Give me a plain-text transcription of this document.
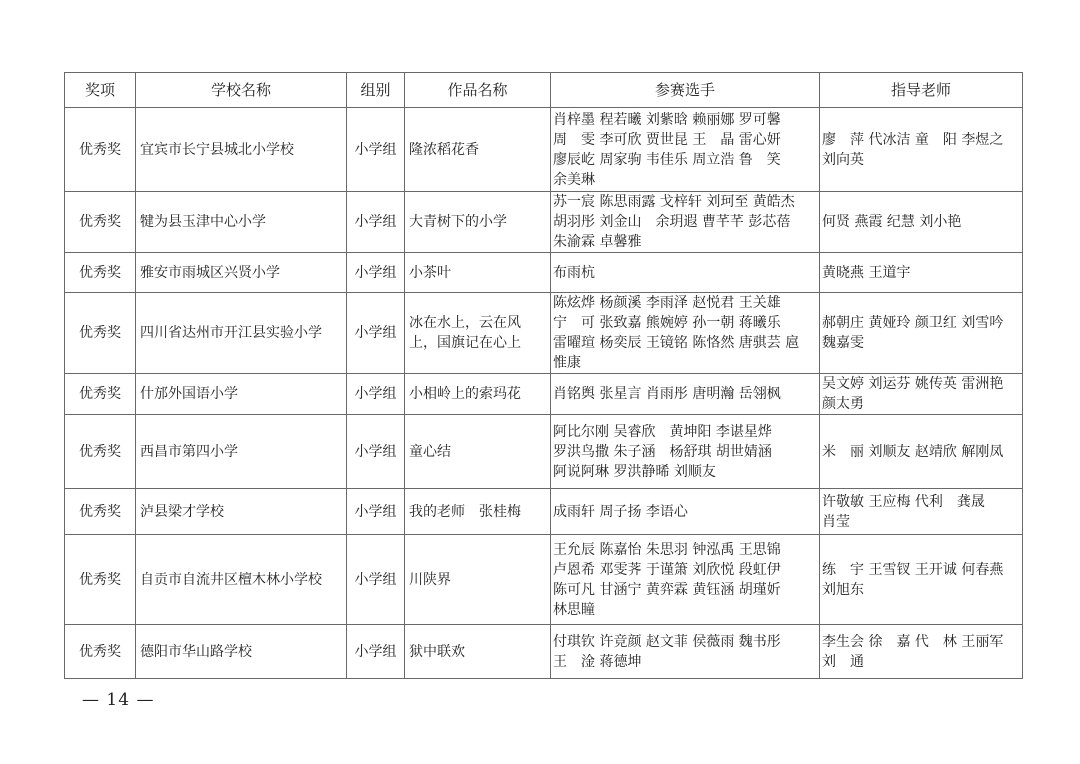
奖项	学校名称	组别	作品名称	参赛选手	指导老师
优秀奖	宜宾市长宁县城北小学校	小学组	隆浓稻花香	肖梓墨 程若曦 刘紫晗 赖丽娜 罗可馨
周　雯 李可欣 贾世昆 王　晶 雷心妍
廖辰屹 周家驹 韦佳乐 周立浩 鲁　笑
余美琳	廖　萍 代冰洁 童　阳 李煜之
刘向英
优秀奖	犍为县玉津中心小学	小学组	大青树下的小学	苏一宸 陈思雨露 戈梓轩 刘珂至 黄皓杰
胡羽彤 刘金山　余玥遐 曹芊芊 彭芯蓓
朱渝霖 卓馨雅	何贤 燕霞 纪慧 刘小艳
优秀奖	雅安市雨城区兴贤小学	小学组	小茶叶	布雨杭	黄晓燕 王道宇
优秀奖	四川省达州市开江县实验小学	小学组	冰在水上，云在风上，国旗记在心上	陈炫烨 杨颜溪 李雨泽 赵悦君 王关雄
宁　可 张致嘉 熊婉婷 孙一朝 蒋曦乐
雷曜瑄 杨奕辰 王镜铭 陈恪然 唐骐芸 扈
惟康	郝朝庄 黄娅玲 颜卫红 刘雪吟
魏嘉雯
优秀奖	什邡外国语小学	小学组	小相岭上的索玛花	肖铭舆 张星言 肖雨彤 唐明瀚 岳翎枫	吴文婷 刘运芬 姚传英 雷洲艳
颜太勇
优秀奖	西昌市第四小学	小学组	童心结	阿比尔刚 吴睿欣　黄坤阳 李谌星烨
罗洪鸟撒 朱子涵　杨舒琪 胡世婧涵
阿说阿琳 罗洪静晞 刘顺友	米　丽 刘顺友 赵靖欣 解刚凤
优秀奖	泸县梁才学校	小学组	我的老师　张桂梅	成雨轩 周子扬 李语心	许敬敏 王应梅 代利　龚晟
肖莹
优秀奖	自贡市自流井区檀木林小学校	小学组	川陕界	王允辰 陈嘉怡 朱思羽 钟泓禹 王思锦
卢恩希 邓雯荠 于谨箫 刘欣悦 段虹伊
陈可凡 甘涵宁 黄弈霖 黄钰涵 胡瑾妡
林思瞳	练　宇 王雪钗 王开诚 何春燕
刘旭东
优秀奖	德阳市华山路学校	小学组	狱中联欢	付琪钦 许竞颜 赵文菲 侯薇雨 魏书彤
王　淦 蒋德坤	李生会 徐　嘉 代　林 王丽军
刘　通
— 14 —
